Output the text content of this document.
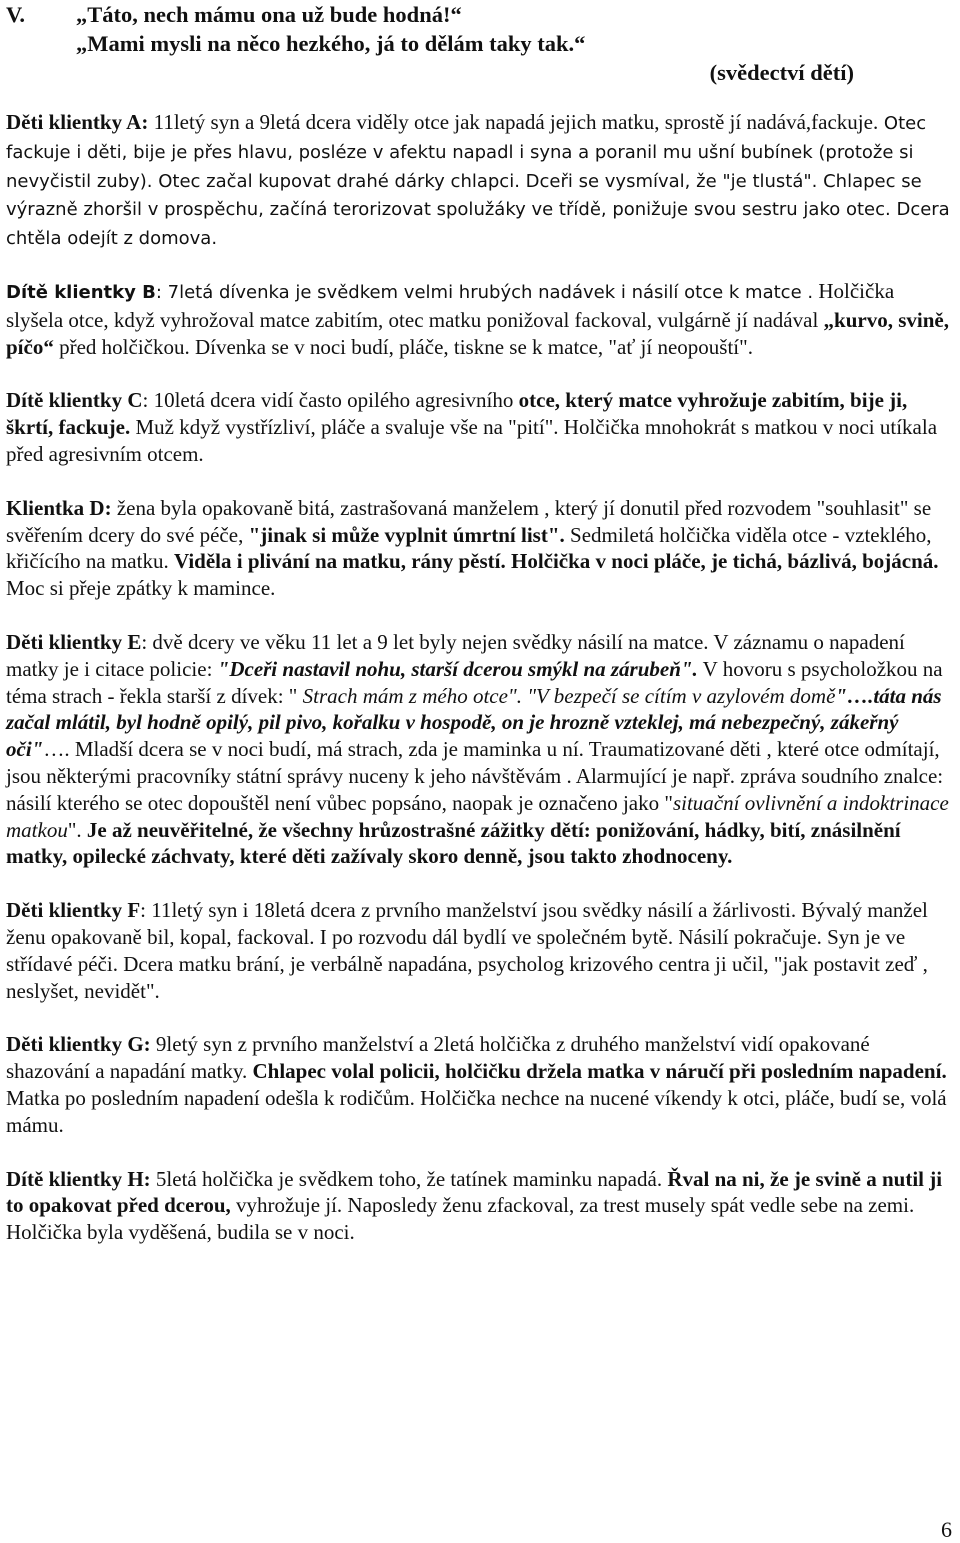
V. „Táto, nech mámu ona už bude hodná!“
„Mami mysli na něco hezkého, já to dělám taky tak.“
(svědectví dětí)

Děti klientky A: 11letý syn a 9letá dcera viděly otce jak napadá jejich matku, sprostě jí nadává,fackuje. Otec fackuje i děti, bije je přes hlavu, posléze v afektu napadl i syna a poranil mu ušní bubínek (protože si nevyčistil zuby). Otec začal kupovat drahé dárky chlapci. Dceři se vysmíval, že "je tlustá". Chlapec se výrazně zhoršil v prospěchu, začíná terorizovat spolužáky ve třídě, ponižuje svou sestru jako otec. Dcera chtěla odejít z domova.

Dítě klientky B: 7letá dívenka je svědkem velmi hrubých nadávek i násilí otce k matce . Holčička slyšela otce, když vyhrožoval matce zabitím, otec matku ponižoval fackoval, vulgárně jí nadával „kurvo, svině, píčo“ před holčičkou. Dívenka se v noci budí, pláče, tiskne se k matce, "ať jí neopouští".

Dítě klientky C: 10letá dcera vidí často opilého agresivního otce, který matce vyhrožuje zabitím, bije ji, škrtí, fackuje. Muž když vystřízliví, pláče a svaluje vše na "pití". Holčička mnohokrát s matkou v noci utíkala před agresivním otcem.

Klientka D: žena byla opakovaně bitá, zastrašovaná manželem , který jí donutil před rozvodem "souhlasit" se svěřením dcery do své péče, "jinak si může vyplnit úmrtní list". Sedmiletá holčička viděla otce - vzteklého, křičícího na matku. Viděla i plivání na matku, rány pěstí. Holčička v noci pláče, je tichá, bázlivá, bojácná. Moc si přeje zpátky k mamince.

Děti klientky E: dvě dcery ve věku 11 let a 9 let byly nejen svědky násilí na matce. V záznamu o napadení matky je i citace policie: "Dceři nastavil nohu, starší dcerou smýkl na zárubeň". V hovoru s psycholožkou na téma strach - řekla starší z dívek: " Strach mám z mého otce". "V bezpečí se cítím v azylovém domě"….táta nás začal mlátil, byl hodně opilý, pil pivo, kořalku v hospodě, on je hrozně vzteklej, má nebezpečný, zákeřný oči"…. Mladší dcera se v noci budí, má strach, zda je maminka u ní. Traumatizované děti , které otce odmítají, jsou některými pracovníky státní správy nuceny k jeho návštěvám . Alarmující je např. zpráva soudního znalce: násilí kterého se otec dopouštěl není vůbec popsáno, naopak je označeno jako "situační ovlivnění a indoktrinace matkou". Je až neuvěřitelné, že všechny hrůzostrašné zážitky dětí: ponižování, hádky, bití, znásilnění matky, opilecké záchvaty, které děti zažívaly skoro denně, jsou takto zhodnoceny.

Děti klientky F: 11letý syn i 18letá dcera z prvního manželství jsou svědky násilí a žárlivosti. Bývalý manžel ženu opakovaně bil, kopal, fackoval. I po rozvodu dál bydlí ve společném bytě. Násilí pokračuje. Syn je ve střídavé péči. Dcera matku brání, je verbálně napadána, psycholog krizového centra ji učil, "jak postavit zeď , neslyšet, nevidět".

Děti klientky G: 9letý syn z prvního manželství a 2letá holčička z druhého manželství vidí opakované shazování a napadání matky. Chlapec volal policii, holčičku držela matka v náručí při posledním napadení. Matka po posledním napadení odešla k rodičům. Holčička nechce na nucené víkendy k otci, pláče, budí se, volá mámu.

Dítě klientky H: 5letá holčička je svědkem toho, že tatínek maminku napadá. Řval na ni, že je svině a nutil ji to opakovat před dcerou, vyhrožuje jí. Naposledy ženu zfackoval, za trest musely spát vedle sebe na zemi. Holčička byla vyděšená, budila se v noci.

6
